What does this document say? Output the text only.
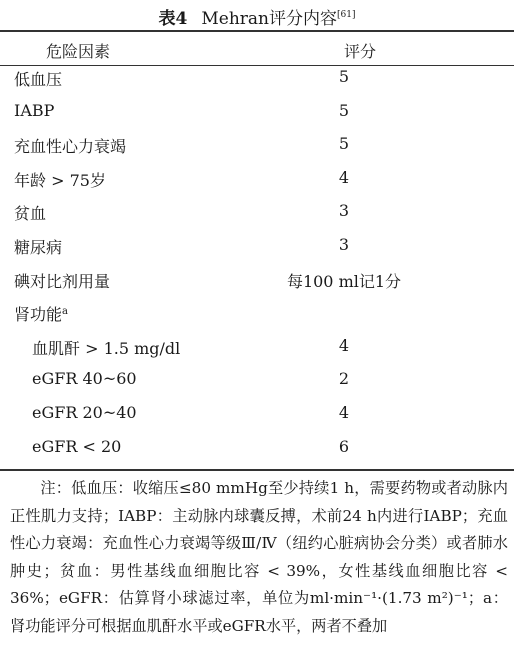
表4 Mehran评分内容[61]
危险因素	评分
低血压	5
IABP	5
充血性心力衰竭	5
年龄 > 75岁	4
贫血	3
糖尿病	3
碘对比剂用量	每100 ml记1分
肾功能$^a$
血肌酐 > 1.5 mg/dl	4
eGFR 40~60	2
eGFR 20~40	4
eGFR < 20	6
注：低血压：收缩压≤80 mmHg至少持续1 h，需要药物或者动脉内正性肌力支持；IABP：主动脉内球囊反搏，术前24 h内进行IABP；充血性心力衰竭：充血性心力衰竭等级Ⅲ/Ⅳ（纽约心脏病协会分类）或者肺水肿史；贫血：男性基线血细胞比容 < 39%，女性基线血细胞比容 < 36%；eGFR：估算肾小球滤过率，单位为ml·min⁻¹·(1.73 m²)⁻¹；a：肾功能评分可根据血肌酐水平或eGFR水平，两者不叠加
